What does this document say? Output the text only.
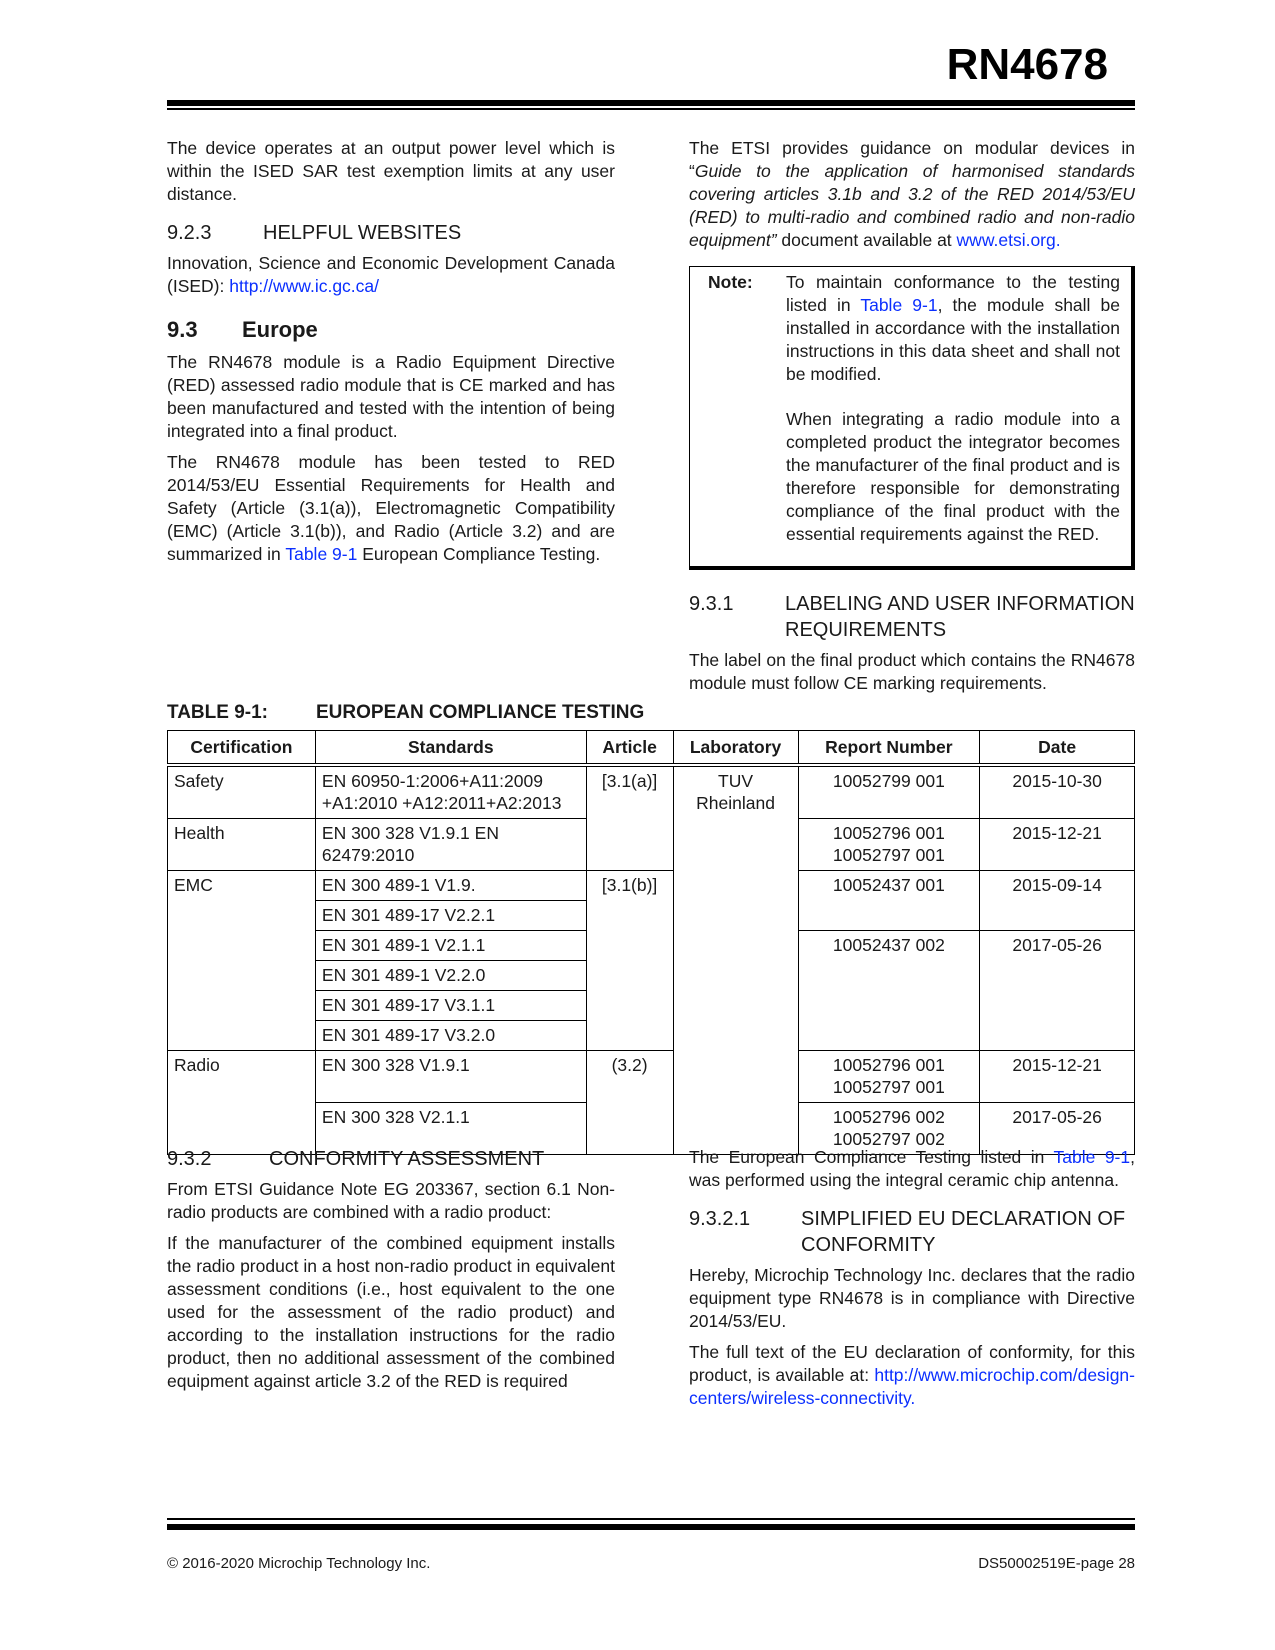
RN4678

The device operates at an output power level which is within the ISED SAR test exemption limits at any user distance.

9.2.3	HELPFUL WEBSITES

Innovation, Science and Economic Development Canada (ISED): http://www.ic.gc.ca/

9.3	Europe

The RN4678 module is a Radio Equipment Directive (RED) assessed radio module that is CE marked and has been manufactured and tested with the intention of being integrated into a final product.

The RN4678 module has been tested to RED 2014/53/EU Essential Requirements for Health and Safety (Article (3.1(a)), Electromagnetic Compatibility (EMC) (Article 3.1(b)), and Radio (Article 3.2) and are summarized in Table 9-1 European Compliance Testing.

The ETSI provides guidance on modular devices in “Guide to the application of harmonised standards covering articles 3.1b and 3.2 of the RED 2014/53/EU (RED) to multi-radio and combined radio and non-radio equipment” document available at www.etsi.org.

Note: To maintain conformance to the testing listed in Table 9-1, the module shall be installed in accordance with the installation instructions in this data sheet and shall not be modified.

When integrating a radio module into a completed product the integrator becomes the manufacturer of the final product and is therefore responsible for demonstrating compliance of the final product with the essential requirements against the RED.

9.3.1	LABELING AND USER INFORMATION REQUIREMENTS

The label on the final product which contains the RN4678 module must follow CE marking requirements.

TABLE 9-1:	EUROPEAN COMPLIANCE TESTING
Certification	Standards	Article	Laboratory	Report Number	Date
Safety	EN 60950-1:2006+A11:2009 +A1:2010 +A12:2011+A2:2013	[3.1(a)]	TUV Rheinland	10052799 001	2015-10-30
Health	EN 300 328 V1.9.1 EN 62479:2010			10052796 001 10052797 001	2015-12-21
EMC	EN 300 489-1 V1.9.	[3.1(b)]		10052437 001	2015-09-14
	EN 301 489-17 V2.2.1				
	EN 301 489-1 V2.1.1			10052437 002	2017-05-26
	EN 301 489-1 V2.2.0				
	EN 301 489-17 V3.1.1				
	EN 301 489-17 V3.2.0				
Radio	EN 300 328 V1.9.1	(3.2)		10052796 001 10052797 001	2015-12-21
	EN 300 328 V2.1.1			10052796 002 10052797 002	2017-05-26
9.3.2	CONFORMITY ASSESSMENT

From ETSI Guidance Note EG 203367, section 6.1 Non-radio products are combined with a radio product:

If the manufacturer of the combined equipment installs the radio product in a host non-radio product in equivalent assessment conditions (i.e., host equivalent to the one used for the assessment of the radio product) and according to the installation instructions for the radio product, then no additional assessment of the combined equipment against article 3.2 of the RED is required

The European Compliance Testing listed in Table 9-1, was performed using the integral ceramic chip antenna.

9.3.2.1	SIMPLIFIED EU DECLARATION OF CONFORMITY

Hereby, Microchip Technology Inc. declares that the radio equipment type RN4678 is in compliance with Directive 2014/53/EU.

The full text of the EU declaration of conformity, for this product, is available at: http://www.microchip.com/design-centers/wireless-connectivity.

© 2016-2020 Microchip Technology Inc.	DS50002519E-page 28
